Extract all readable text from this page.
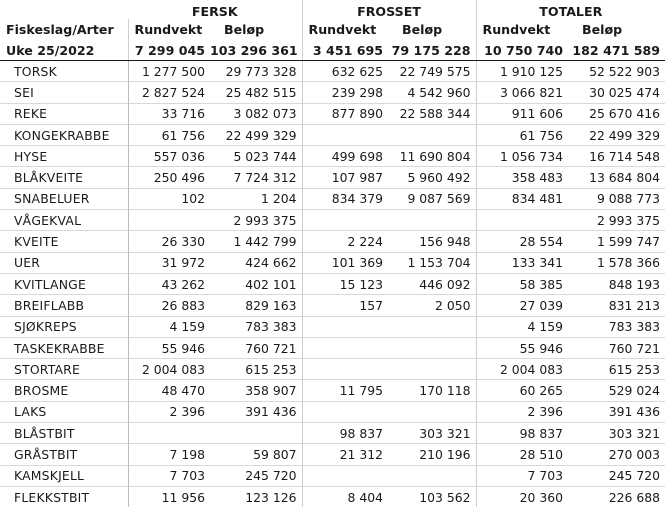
	FERSK		FROSSET		TOTALER	
Fiskeslag/Arter	Rundvekt	Beløp	Rundvekt	Beløp	Rundvekt	Beløp
Uke 25/2022	7 299 045	103 296 361	3 451 695	79 175 228	10 750 740	182 471 589
TORSK	1 277 500	29 773 328	632 625	22 749 575	1 910 125	52 522 903
SEI	2 827 524	25 482 515	239 298	4 542 960	3 066 821	30 025 474
REKE	33 716	3 082 073	877 890	22 588 344	911 606	25 670 416
KONGEKRABBE	61 756	22 499 329			61 756	22 499 329
HYSE	557 036	5 023 744	499 698	11 690 804	1 056 734	16 714 548
BLÅKVEITE	250 496	7 724 312	107 987	5 960 492	358 483	13 684 804
SNABELUER	102	1 204	834 379	9 087 569	834 481	9 088 773
VÅGEKVAL		2 993 375				2 993 375
KVEITE	26 330	1 442 799	2 224	156 948	28 554	1 599 747
UER	31 972	424 662	101 369	1 153 704	133 341	1 578 366
KVITLANGE	43 262	402 101	15 123	446 092	58 385	848 193
BREIFLABB	26 883	829 163	157	2 050	27 039	831 213
SJØKREPS	4 159	783 383			4 159	783 383
TASKEKRABBE	55 946	760 721			55 946	760 721
STORTARE	2 004 083	615 253			2 004 083	615 253
BROSME	48 470	358 907	11 795	170 118	60 265	529 024
LAKS	2 396	391 436			2 396	391 436
BLÅSTBIT			98 837	303 321	98 837	303 321
GRÅSTBIT	7 198	59 807	21 312	210 196	28 510	270 003
KAMSKJELL	7 703	245 720			7 703	245 720
FLEKKSTBIT	11 956	123 126	8 404	103 562	20 360	226 688
